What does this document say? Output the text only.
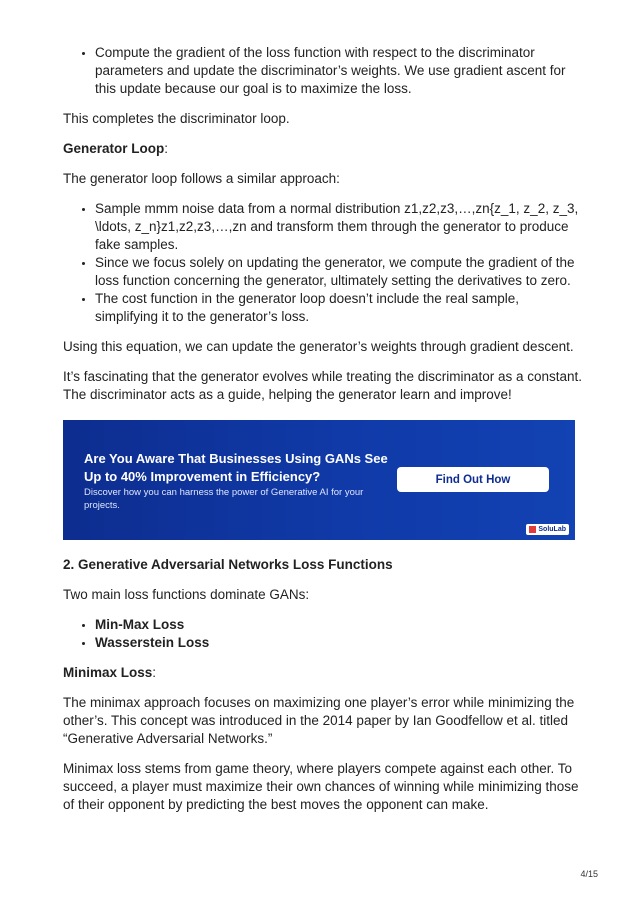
• Compute the gradient of the loss function with respect to the discriminator parameters and update the discriminator’s weights. We use gradient ascent for this update because our goal is to maximize the loss.

This completes the discriminator loop.

Generator Loop:

The generator loop follows a similar approach:

• Sample mmm noise data from a normal distribution z1,z2,z3,…,zn{z_1, z_2, z_3, \ldots, z_n}z1,z2,z3,…,zn and transform them through the generator to produce fake samples.
• Since we focus solely on updating the generator, we compute the gradient of the loss function concerning the generator, ultimately setting the derivatives to zero.
• The cost function in the generator loop doesn’t include the real sample, simplifying it to the generator’s loss.

Using this equation, we can update the generator’s weights through gradient descent.

It’s fascinating that the generator evolves while treating the discriminator as a constant. The discriminator acts as a guide, helping the generator learn and improve!

Are You Aware That Businesses Using GANs See Up to 40% Improvement in Efficiency?
Discover how you can harness the power of Generative AI for your projects.
Find Out How
SoluLab

2. Generative Adversarial Networks Loss Functions

Two main loss functions dominate GANs:

• Min-Max Loss
• Wasserstein Loss

Minimax Loss:

The minimax approach focuses on maximizing one player’s error while minimizing the other’s. This concept was introduced in the 2014 paper by Ian Goodfellow et al. titled “Generative Adversarial Networks.”

Minimax loss stems from game theory, where players compete against each other. To succeed, a player must maximize their own chances of winning while minimizing those of their opponent by predicting the best moves the opponent can make.

4/15
